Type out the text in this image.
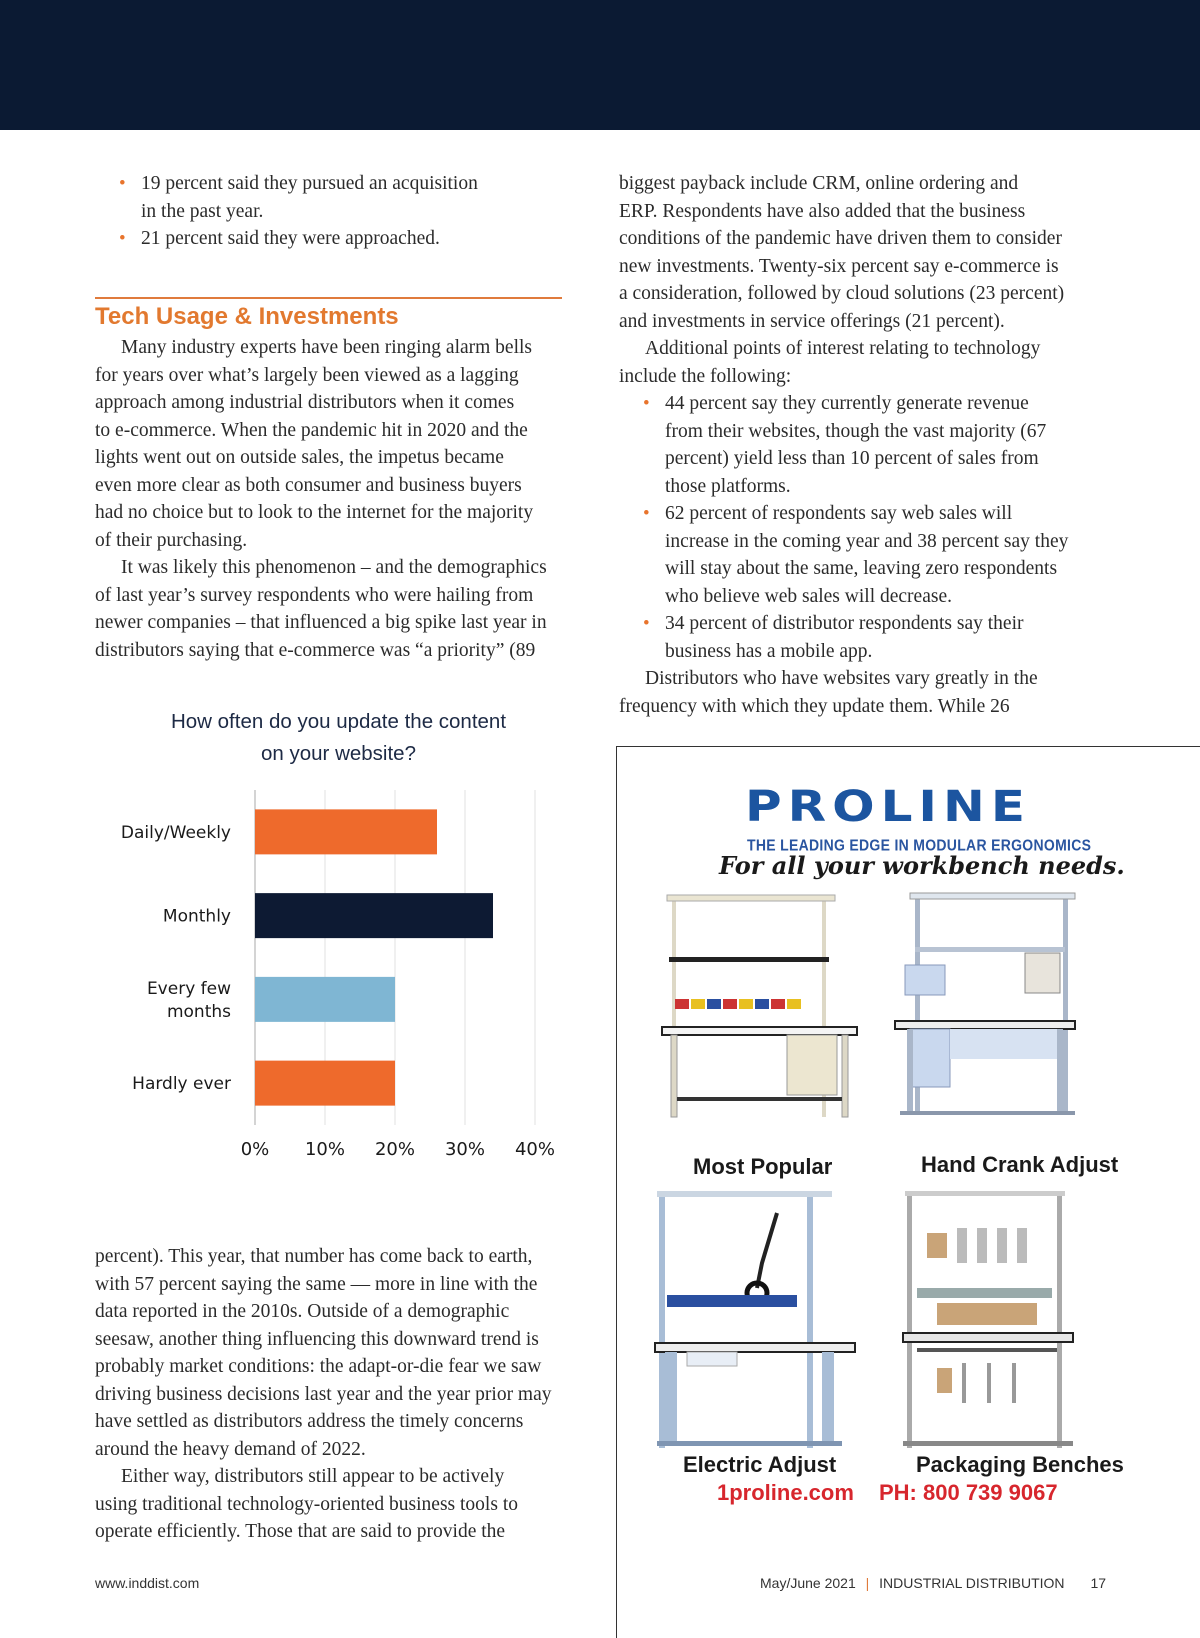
• 19 percent said they pursued an acquisition
in the past year.
• 21 percent said they were approached.
Tech Usage & Investments

Many industry experts have been ringing alarm bells
for years over what’s largely been viewed as a lagging
approach among industrial distributors when it comes
to e-commerce. When the pandemic hit in 2020 and the
lights went out on outside sales, the impetus became
even more clear as both consumer and business buyers
had no choice but to look to the internet for the majority
of their purchasing.

It was likely this phenomenon – and the demographics
of last year’s survey respondents who were hailing from
newer companies – that influenced a big spike last year in
distributors saying that e-commerce was “a priority” (89

How often do you update the content
on your website?
0% 10% 20% 30% 40%
Daily/Weekly
Monthly
Every few
months
Hardly ever

percent). This year, that number has come back to earth,
with 57 percent saying the same — more in line with the
data reported in the 2010s. Outside of a demographic
seesaw, another thing influencing this downward trend is
probably market conditions: the adapt-or-die fear we saw
driving business decisions last year and the year prior may
have settled as distributors address the timely concerns
around the heavy demand of 2022.

Either way, distributors still appear to be actively
using traditional technology-oriented business tools to
operate efficiently. Those that are said to provide the

biggest payback include CRM, online ordering and
ERP. Respondents have also added that the business
conditions of the pandemic have driven them to consider
new investments. Twenty-six percent say e-commerce is
a consideration, followed by cloud solutions (23 percent)
and investments in service offerings (21 percent).

Additional points of interest relating to technology
include the following:

• 44 percent say they currently generate revenue
from their websites, though the vast majority (67
percent) yield less than 10 percent of sales from
those platforms.
• 62 percent of respondents say web sales will
increase in the coming year and 38 percent say they
will stay about the same, leaving zero respondents
who believe web sales will decrease.
• 34 percent of distributor respondents say their
business has a mobile app.

Distributors who have websites vary greatly in the
frequency with which they update them. While 26

PROLINE
THE LEADING EDGE IN MODULAR ERGONOMICS
For all your workbench needs.
Most Popular	Hand Crank Adjust
Electric Adjust	Packaging Benches
1proline.com PH: 800 739 9067
www.inddist.com	May/June 2021 | INDUSTRIAL DISTRIBUTION 17
